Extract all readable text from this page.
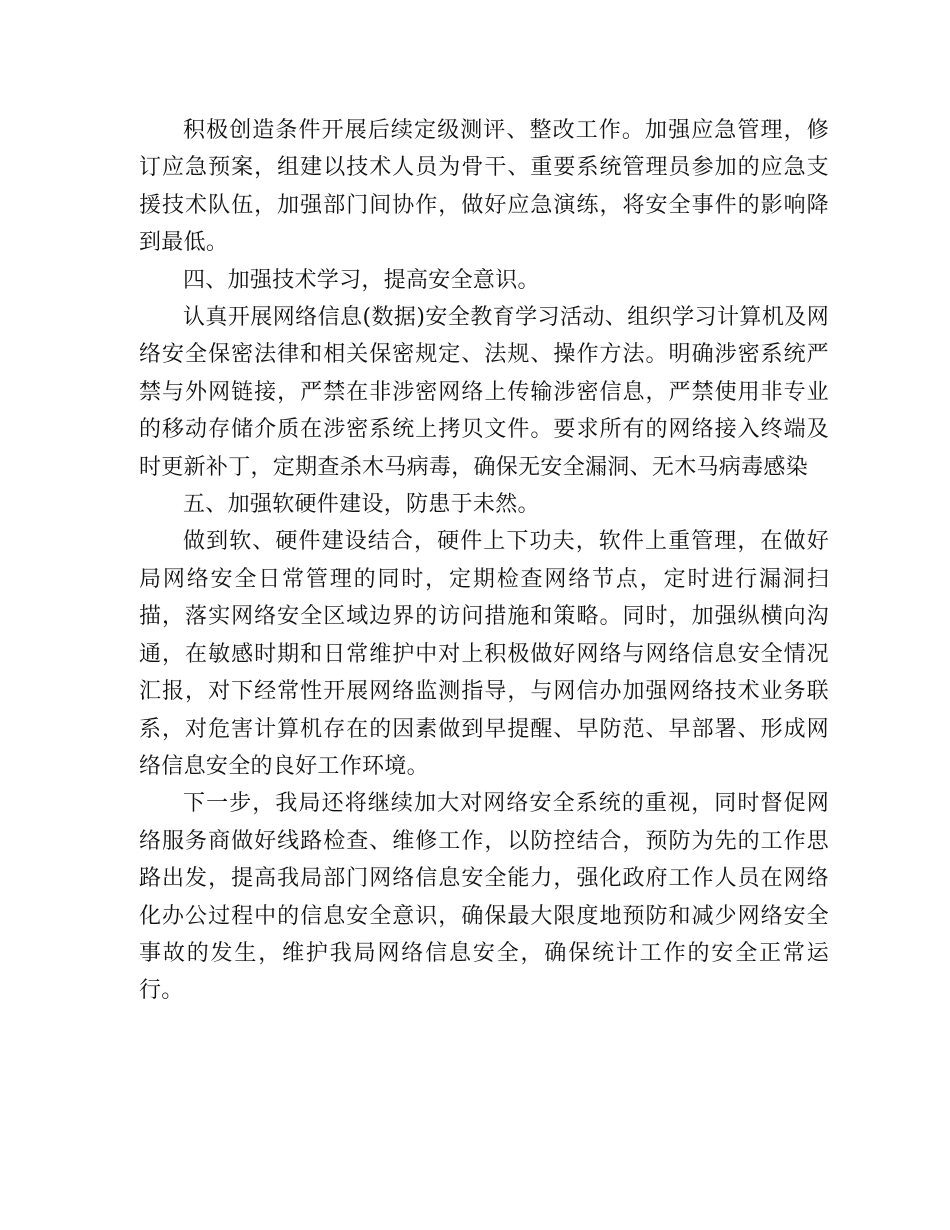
积极创造条件开展后续定级测评、整改工作。加强应急管理，修订应急预案，组建以技术人员为骨干、重要系统管理员参加的应急支援技术队伍，加强部门间协作，做好应急演练，将安全事件的影响降到最低。

四、加强技术学习，提高安全意识。

认真开展网络信息(数据)安全教育学习活动、组织学习计算机及网络安全保密法律和相关保密规定、法规、操作方法。明确涉密系统严禁与外网链接，严禁在非涉密网络上传输涉密信息，严禁使用非专业的移动存储介质在涉密系统上拷贝文件。要求所有的网络接入终端及时更新补丁，定期查杀木马病毒，确保无安全漏洞、无木马病毒感染

五、加强软硬件建设，防患于未然。

做到软、硬件建设结合，硬件上下功夫，软件上重管理，在做好局网络安全日常管理的同时，定期检查网络节点，定时进行漏洞扫描，落实网络安全区域边界的访问措施和策略。同时，加强纵横向沟通，在敏感时期和日常维护中对上积极做好网络与网络信息安全情况汇报，对下经常性开展网络监测指导，与网信办加强网络技术业务联系，对危害计算机存在的因素做到早提醒、早防范、早部署、形成网络信息安全的良好工作环境。

下一步，我局还将继续加大对网络安全系统的重视，同时督促网络服务商做好线路检查、维修工作，以防控结合，预防为先的工作思路出发，提高我局部门网络信息安全能力，强化政府工作人员在网络化办公过程中的信息安全意识，确保最大限度地预防和减少网络安全事故的发生，维护我局网络信息安全，确保统计工作的安全正常运行。
